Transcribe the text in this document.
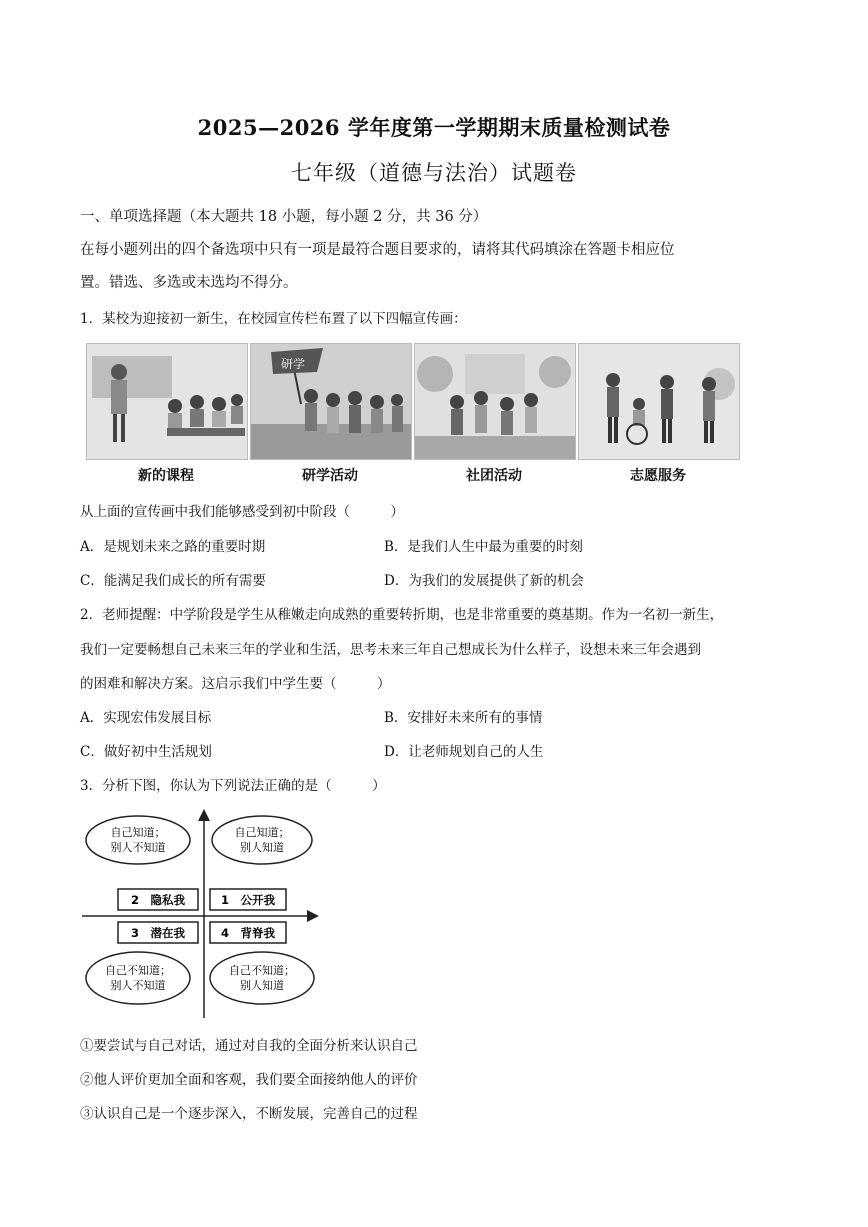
2025—2026 学年度第一学期期末质量检测试卷
七年级（道德与法治）试题卷
一、单项选择题（本大题共 18 小题，每小题 2 分，共 36 分）
在每小题列出的四个备选项中只有一项是最符合题目要求的，请将其代码填涂在答题卡相应位
置。错选、多选或未选均不得分。
1．某校为迎接初一新生，在校园宣传栏布置了以下四幅宣传画：
研学
新的课程	研学活动	社团活动	志愿服务
从上面的宣传画中我们能够感受到初中阶段（　　　）
A．是规划未来之路的重要时期	B．是我们人生中最为重要的时刻
C．能满足我们成长的所有需要	D．为我们的发展提供了新的机会
2．老师提醒：中学阶段是学生从稚嫩走向成熟的重要转折期，也是非常重要的奠基期。作为一名初一新生，
我们一定要畅想自己未来三年的学业和生活，思考未来三年自己想成长为什么样子，设想未来三年会遇到
的困难和解决方案。这启示我们中学生要（　　　）
A．实现宏伟发展目标	B．安排好未来所有的事情
C．做好初中生活规划	D．让老师规划自己的人生
3．分析下图，你认为下列说法正确的是（　　　）
自己知道；
别人不知道
自己知道；
别人知道
2　隐私我	1　公开我
3　潜在我	4　背脊我
自己不知道；
别人不知道
自己不知道；
别人知道
①要尝试与自己对话，通过对自我的全面分析来认识自己
②他人评价更加全面和客观，我们要全面接纳他人的评价
③认识自己是一个逐步深入，不断发展，完善自己的过程
